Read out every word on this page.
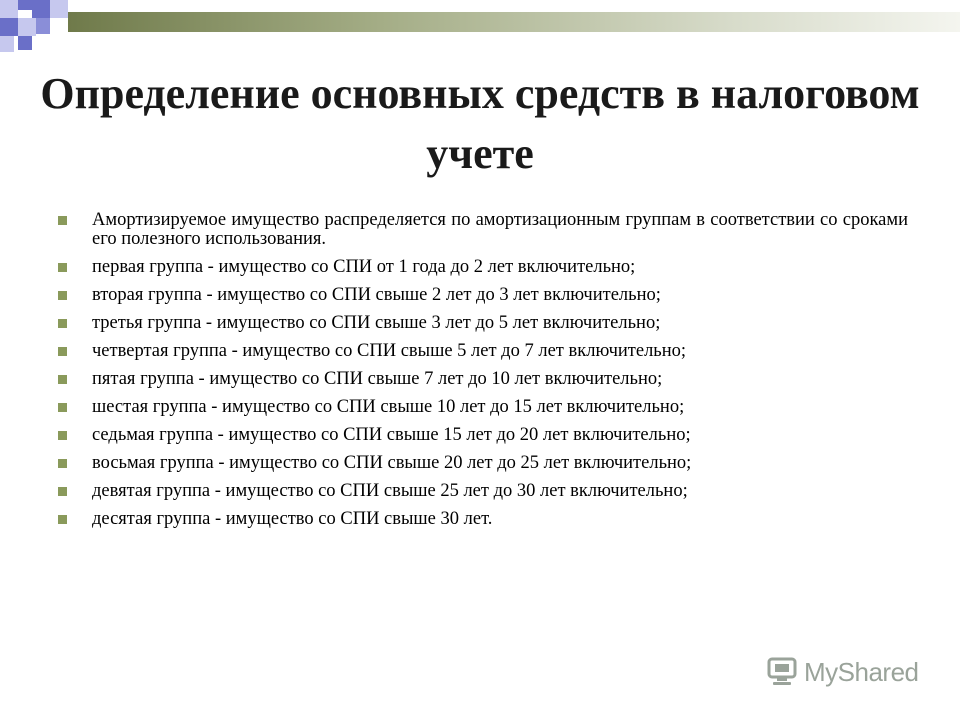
Определение основных средств в налоговом учете
Амортизируемое имущество распределяется по амортизационным группам в соответствии со сроками его полезного использования.
первая группа - имущество со СПИ от 1 года до 2 лет включительно;
вторая группа - имущество со СПИ свыше 2 лет до 3 лет включительно;
третья группа - имущество со СПИ свыше 3 лет до 5 лет включительно;
четвертая группа - имущество со СПИ свыше 5 лет до 7 лет включительно;
пятая группа - имущество со СПИ свыше 7 лет до 10 лет включительно;
шестая группа - имущество со СПИ свыше 10 лет до 15 лет включительно;
седьмая группа - имущество со СПИ свыше 15 лет до 20 лет включительно;
восьмая группа - имущество со СПИ свыше 20 лет до 25 лет включительно;
девятая группа - имущество со СПИ свыше 25 лет до 30 лет включительно;
десятая группа - имущество со СПИ свыше 30 лет.
MyShared
